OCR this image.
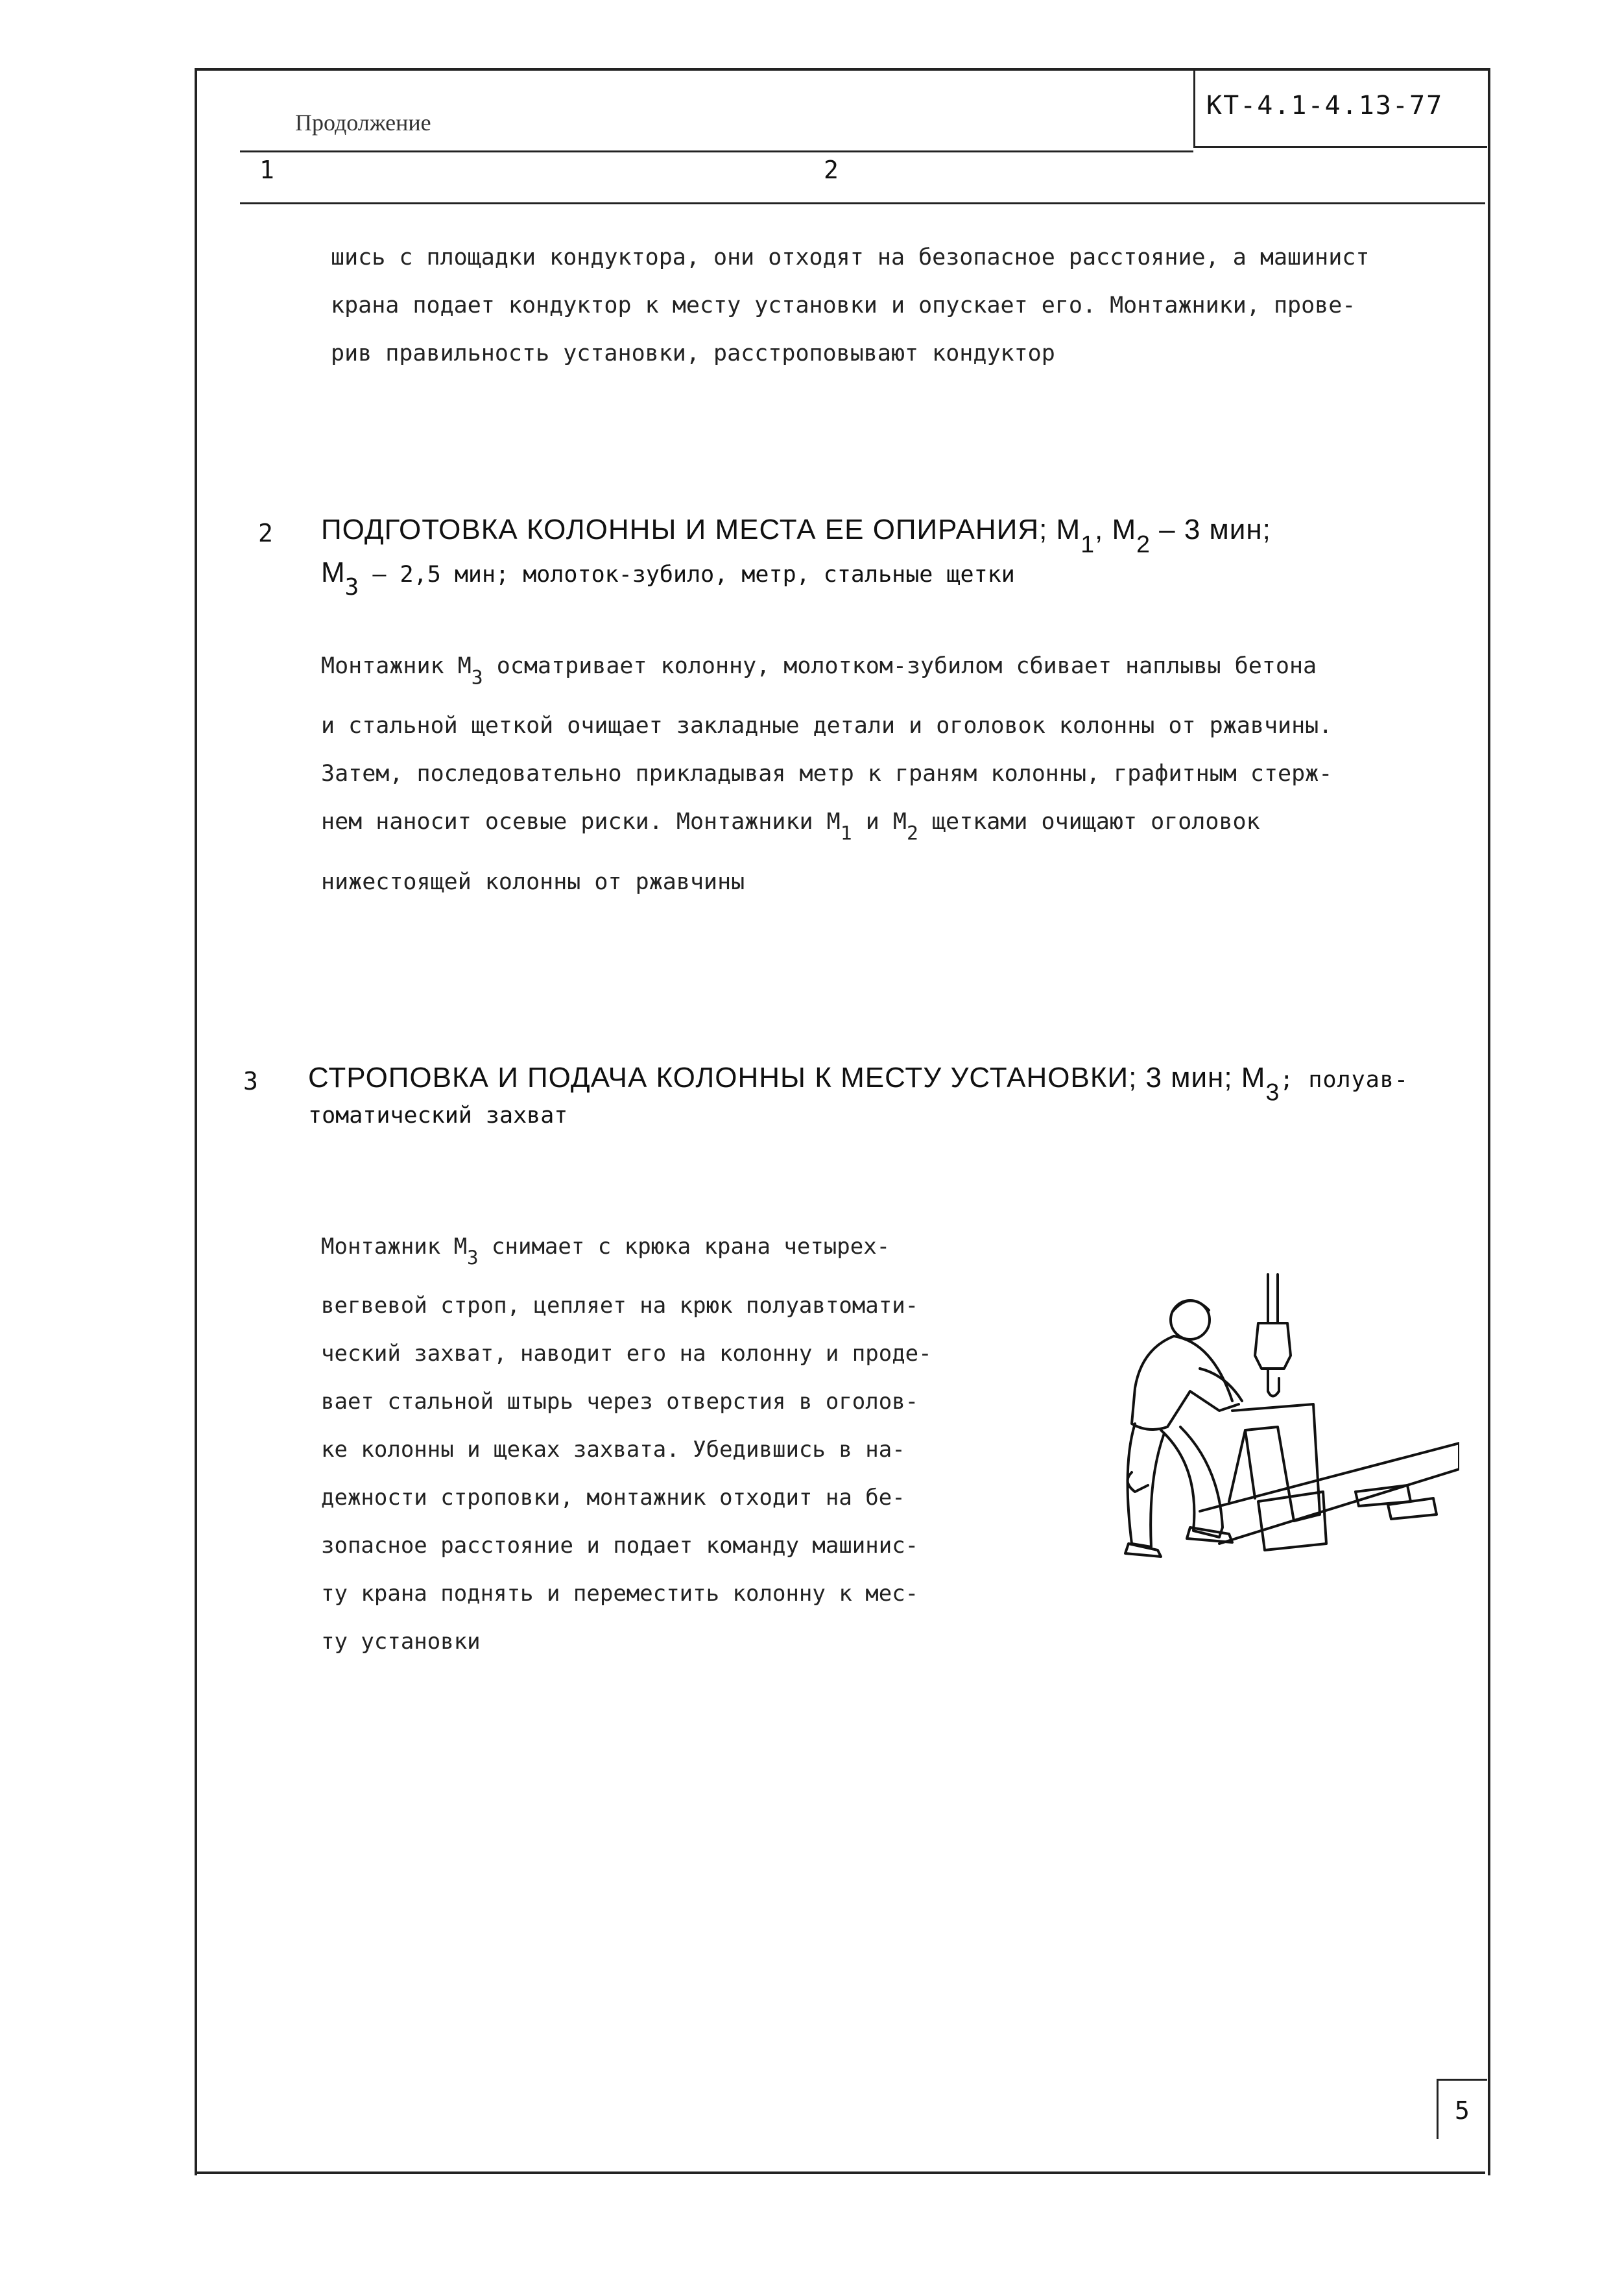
Продолжение
КТ-4.1-4.13-77
1	2

шись с площадки кондуктора, они отходят на безопасное расстояние, а машинист

крана подает кондуктор к месту установки и опускает его. Монтажники, прове-

рив правильность установки, расстроповывают кондуктор

2 ПОДГОТОВКА КОЛОННЫ И МЕСТА ЕЕ ОПИРАНИЯ; $М_1$, $М_2 - 3$ мин;
$М_3 - 2,5$ мин; молоток-зубило, метр, стальные щетки

Монтажник $М_3$ осматривает колонну, молотком-зубилом сбивает наплывы бетона

и стальной щеткой очищает закладные детали и оголовок колонны от ржавчины.

Затем, последовательно прикладывая метр к граням колонны, графитным стерж-

нем наносит осевые риски. Монтажники $М_1$ и $М_2$ щетками очищают оголовок

нижестоящей колонны от ржавчины

3 СТРОПОВКА И ПОДАЧА КОЛОННЫ К МЕСТУ УСТАНОВКИ; 3 мин; $М_3$; полуав-
томатический захват

Монтажник $М_3$ снимает с крюка крана четырех-

вегвевой строп, цепляет на крюк полуавтомати-

ческий захват, наводит его на колонну и проде-

вает стальной штырь через отверстия в оголов-

ке колонны и щеках захвата. Убедившись в на-

дежности строповки, монтажник отходит на бе-

зопасное расстояние и подает команду машинис-

ту крана поднять и переместить колонну к мес-

ту установки

5
